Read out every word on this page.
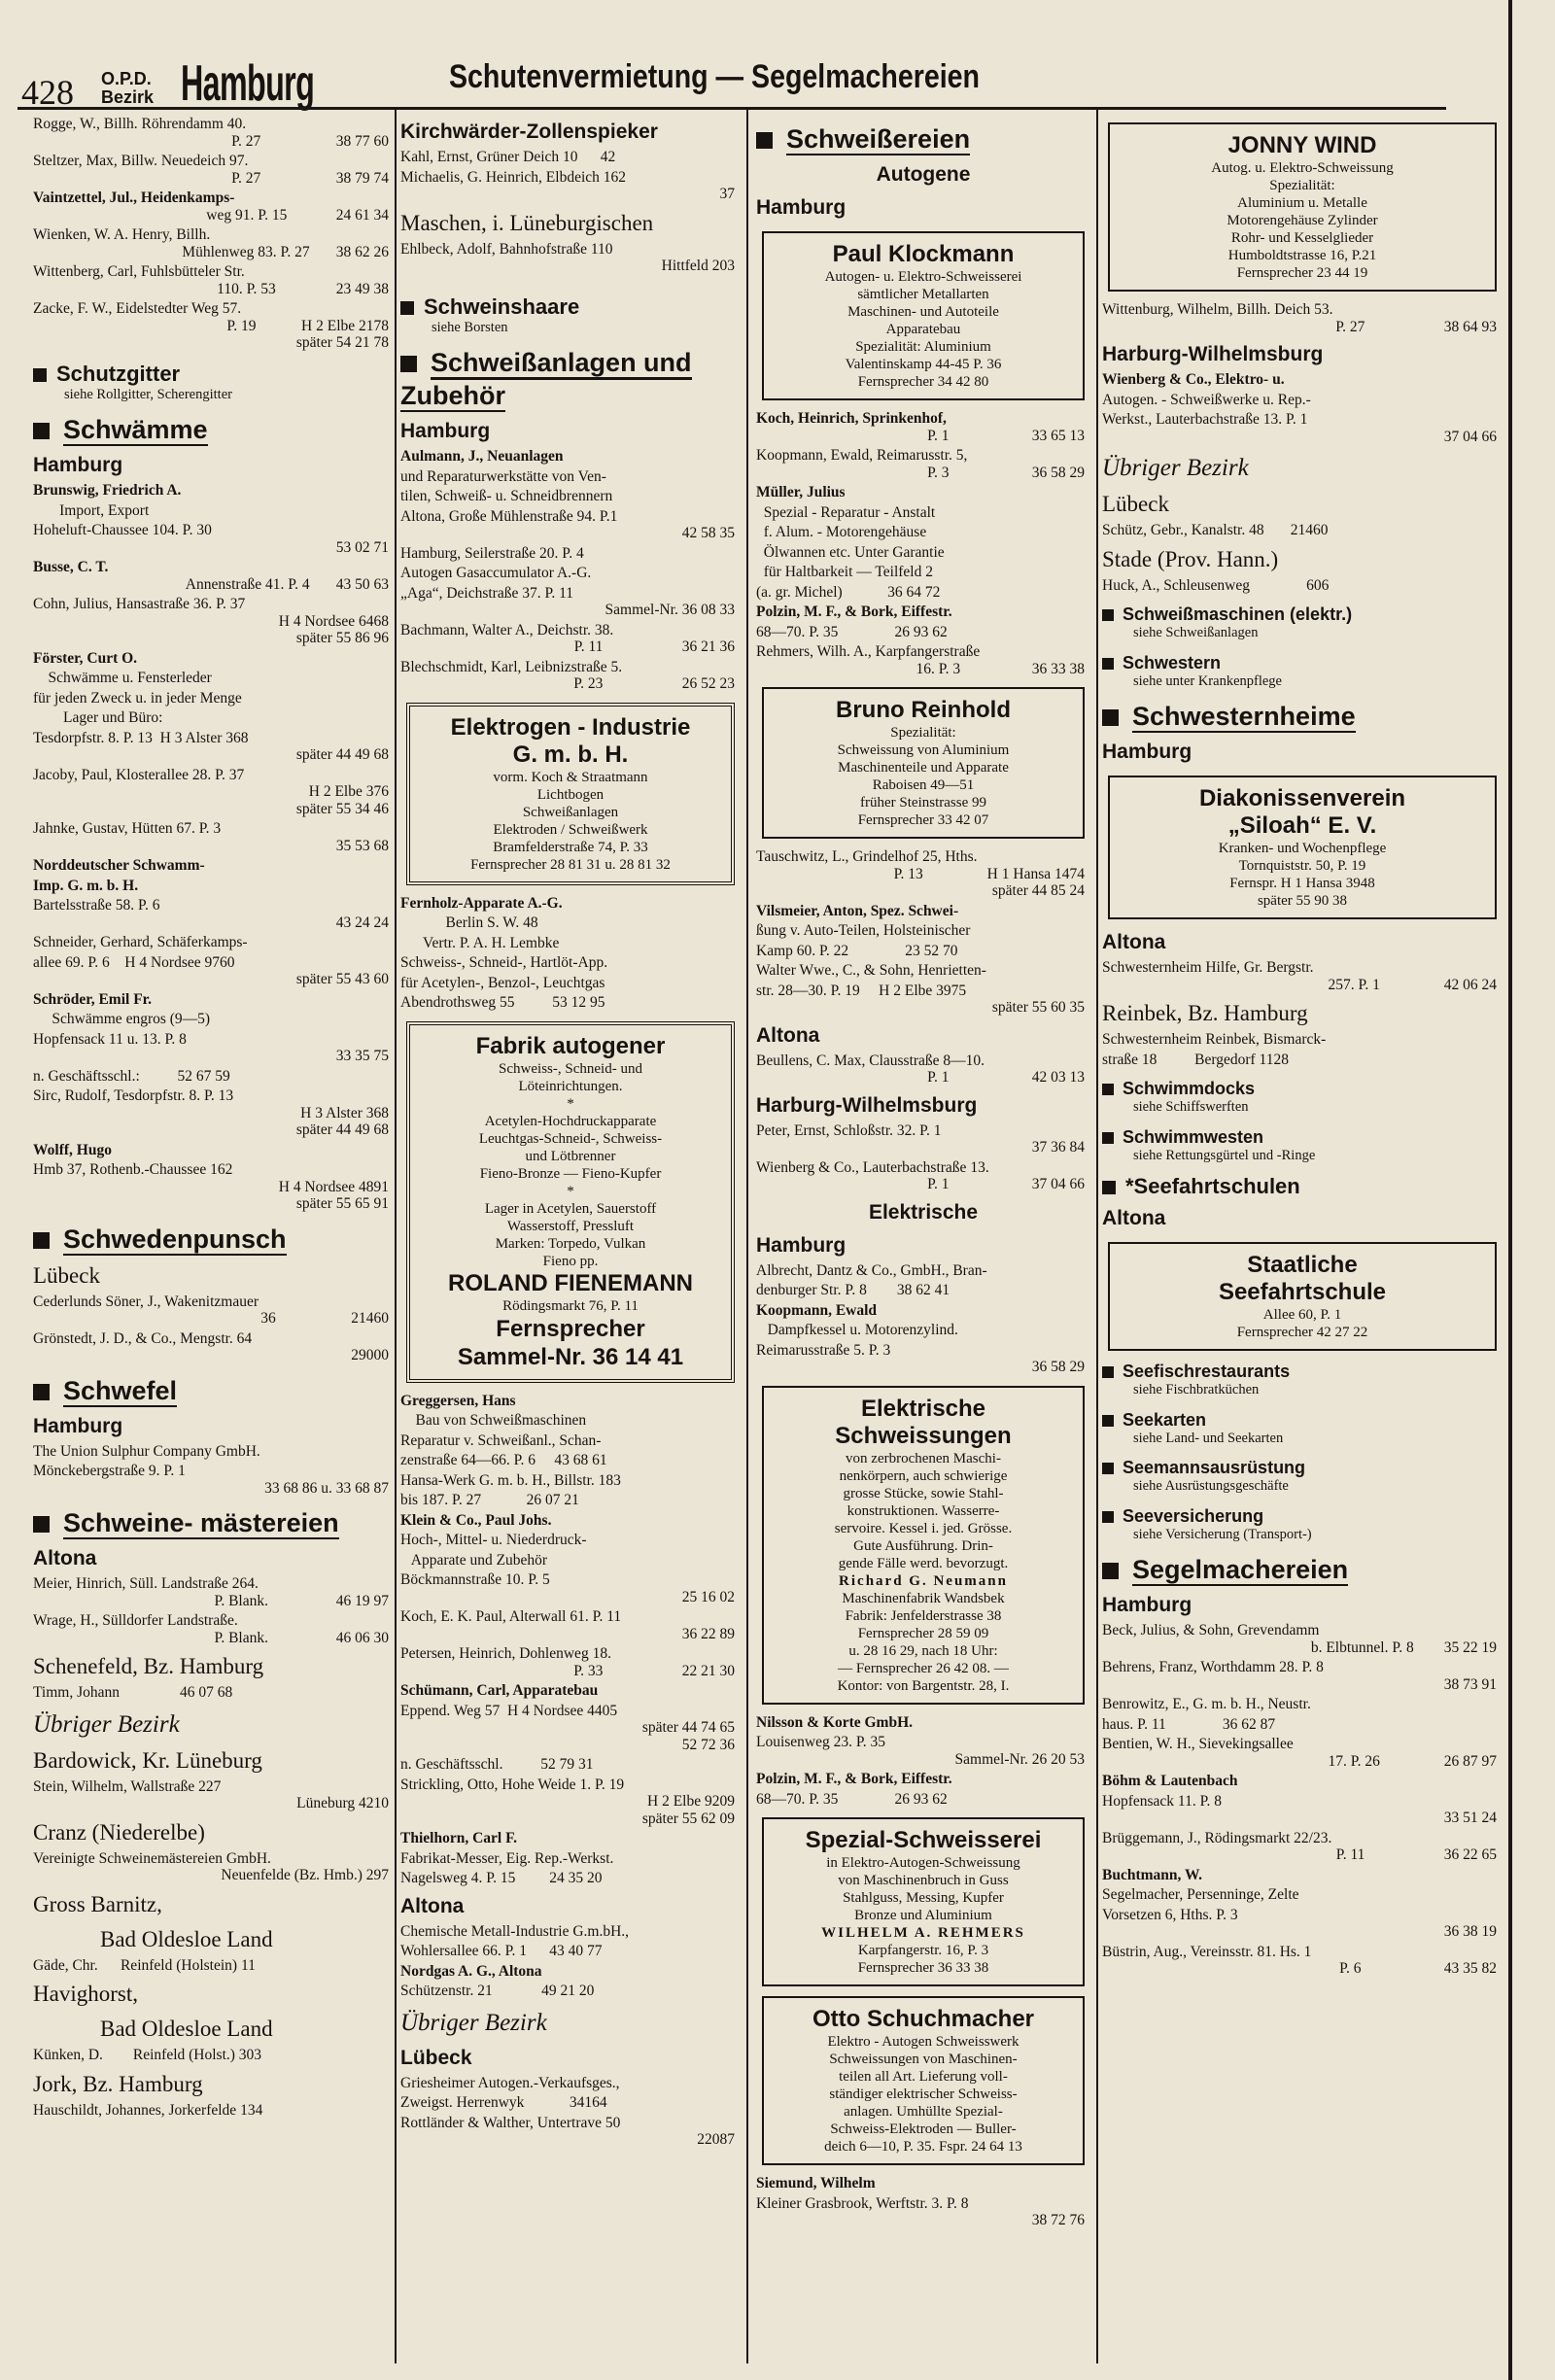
428 O.P.D.
Bezirk Hamburg	Schutenvermietung — Segelmachereien
Rogge, W., Billh. Röhrendamm 40.
P. 27                    38 77 60
Steltzer, Max, Billw. Neuedeich 97.
P. 27                    38 79 74
Vaintzettel, Jul., Heidenkamps-
weg 91. P. 15             24 61 34
Wienken, W. A. Henry, Billh.
Mühlenweg 83. P. 27       38 62 26
Wittenberg, Carl, Fuhlsbütteler Str.
110. P. 53                23 49 38
Zacke, F. W., Eidelstedter Weg 57.
P. 19            H 2 Elbe 2178
später 54 21 78
Schutzgitter
siehe Rollgitter, Scherengitter
Schwämme
Hamburg
Brunswig, Friedrich A.
Import, Export
Hoheluft-Chaussee 104. P. 30
53 02 71
Busse, C. T.
Annenstraße 41. P. 4       43 50 63
Cohn, Julius, Hansastraße 36. P. 37
H 4 Nordsee 6468
später 55 86 96
Förster, Curt O.
Schwämme u. Fensterleder
für jeden Zweck u. in jeder Menge
Lager und Büro:
Tesdorpfstr. 8. P. 13  H 3 Alster 368
später 44 49 68
Jacoby, Paul, Klosterallee 28. P. 37
H 2 Elbe 376
später 55 34 46
Jahnke, Gustav, Hütten 67. P. 3
35 53 68
Norddeutscher Schwamm-
Imp. G. m. b. H.
Bartelsstraße 58. P. 6
43 24 24
Schneider, Gerhard, Schäferkamps-
allee 69. P. 6    H 4 Nordsee 9760
später 55 43 60
Schröder, Emil Fr.
Schwämme engros (9—5)
Hopfensack 11 u. 13. P. 8
33 35 75
n. Geschäftsschl.:          52 67 59
Sirc, Rudolf, Tesdorpfstr. 8. P. 13
H 3 Alster 368
später 44 49 68
Wolff, Hugo
Hmb 37, Rothenb.-Chaussee 162
H 4 Nordsee 4891
später 55 65 91
Schwedenpunsch
Lübeck
Cederlunds Söner, J., Wakenitzmauer
36                    21460
Grönstedt, J. D., & Co., Mengstr. 64
29000
Schwefel
Hamburg
The Union Sulphur Company GmbH.
Mönckebergstraße 9. P. 1
33 68 86 u. 33 68 87
Schweine- mästereien
Altona
Meier, Hinrich, Süll. Landstraße 264.
P. Blank.                  46 19 97
Wrage, H., Sülldorfer Landstraße.
P. Blank.                  46 06 30
Schenefeld, Bz. Hamburg
Timm, Johann                46 07 68
Übriger Bezirk
Bardowick, Kr. Lüneburg
Stein, Wilhelm, Wallstraße 227
Lüneburg 4210
Cranz (Niederelbe)
Vereinigte Schweinemästereien GmbH.
Neuenfelde (Bz. Hmb.) 297
Gross Barnitz,
Bad Oldesloe Land
Gäde, Chr.      Reinfeld (Holstein) 11
Havighorst,
Bad Oldesloe Land
Künken, D.        Reinfeld (Holst.) 303
Jork, Bz. Hamburg
Hauschildt, Johannes, Jorkerfelde 134
Kirchwärder-Zollenspieker
Kahl, Ernst, Grüner Deich 10      42
Michaelis, G. Heinrich, Elbdeich 162
37
Maschen, i. Lüneburgischen
Ehlbeck, Adolf, Bahnhofstraße 110
Hittfeld 203
Schweinshaare
siehe Borsten
Schweißanlagen und Zubehör
Hamburg
Aulmann, J., Neuanlagen
und Reparaturwerkstätte von Ven-
tilen, Schweiß- u. Schneidbrennern
Altona, Große Mühlenstraße 94. P.1
42 58 35
Hamburg, Seilerstraße 20. P. 4
Autogen Gasaccumulator A.-G.
„Aga“, Deichstraße 37. P. 11
Sammel-Nr. 36 08 33
Bachmann, Walter A., Deichstr. 38.
P. 11                     36 21 36
Blechschmidt, Karl, Leibnizstraße 5.
P. 23                     26 52 23
Elektrogen - Industrie
G. m. b. H.
vorm. Koch & Straatmann
Lichtbogen
Schweißanlagen
Elektroden / Schweißwerk
Bramfelderstraße 74, P. 33
Fernsprecher 28 81 31 u. 28 81 32
Fernholz-Apparate A.-G.
Berlin S. W. 48
Vertr. P. A. H. Lembke
Schweiss-, Schneid-, Hartlöt-App.
für Acetylen-, Benzol-, Leuchtgas
Abendrothsweg 55          53 12 95
Fabrik autogener
Schweiss-, Schneid- und
Löteinrichtungen.
*
Acetylen-Hochdruckapparate
Leuchtgas-Schneid-, Schweiss-
und Lötbrenner
Fieno-Bronze — Fieno-Kupfer
*
Lager in Acetylen, Sauerstoff
Wasserstoff, Pressluft
Marken: Torpedo, Vulkan
Fieno pp.
ROLAND FIENEMANN
Rödingsmarkt 76, P. 11
Fernsprecher
Sammel-Nr. 36 14 41
Greggersen, Hans
Bau von Schweißmaschinen
Reparatur v. Schweißanl., Schan-
zenstraße 64—66. P. 6     43 68 61
Hansa-Werk G. m. b. H., Billstr. 183
bis 187. P. 27            26 07 21
Klein & Co., Paul Johs.
Hoch-, Mittel- u. Niederdruck-
Apparate und Zubehör
Böckmannstraße 10. P. 5
25 16 02
Koch, E. K. Paul, Alterwall 61. P. 11
36 22 89
Petersen, Heinrich, Dohlenweg 18.
P. 33                     22 21 30
Schümann, Carl, Apparatebau
Eppend. Weg 57  H 4 Nordsee 4405
später 44 74 65
52 72 36
n. Geschäftsschl.          52 79 31
Strickling, Otto, Hohe Weide 1. P. 19
H 2 Elbe 9209
später 55 62 09
Thielhorn, Carl F.
Fabrikat-Messer, Eig. Rep.-Werkst.
Nagelsweg 4. P. 15         24 35 20
Altona
Chemische Metall-Industrie G.m.bH.,
Wohlersallee 66. P. 1      43 40 77
Nordgas A. G., Altona
Schützenstr. 21             49 21 20
Übriger Bezirk
Lübeck
Griesheimer Autogen.-Verkaufsges.,
Zweigst. Herrenwyk            34164
Rottländer & Walther, Untertrave 50
22087
Schweißereien
Autogene
Hamburg
Paul Klockmann
Autogen- u. Elektro-Schweisserei
sämtlicher Metallarten
Maschinen- und Autoteile
Apparatebau
Spezialität: Aluminium
Valentinskamp 44-45 P. 36
Fernsprecher 34 42 80
Koch, Heinrich, Sprinkenhof,
P. 1                      33 65 13
Koopmann, Ewald, Reimarusstr. 5,
P. 3                      36 58 29
Müller, Julius
Spezial - Reparatur - Anstalt
f. Alum. - Motorengehäuse
Ölwannen etc. Unter Garantie
für Haltbarkeit — Teilfeld 2
(a. gr. Michel)            36 64 72
Polzin, M. F., & Bork, Eiffestr.
68—70. P. 35               26 93 62
Rehmers, Wilh. A., Karpfangerstraße
16. P. 3                   36 33 38
Bruno Reinhold
Spezialität:
Schweissung von Aluminium
Maschinenteile und Apparate
Raboisen 49—51
früher Steinstrasse 99
Fernsprecher 33 42 07
Tauschwitz, L., Grindelhof 25, Hths.
P. 13                 H 1 Hansa 1474
später 44 85 24
Vilsmeier, Anton, Spez. Schwei-
ßung v. Auto-Teilen, Holsteinischer
Kamp 60. P. 22               23 52 70
Walter Wwe., C., & Sohn, Henrietten-
str. 28—30. P. 19     H 2 Elbe 3975
später 55 60 35
Altona
Beullens, C. Max, Clausstraße 8—10.
P. 1                      42 03 13
Harburg-Wilhelmsburg
Peter, Ernst, Schloßstr. 32. P. 1
37 36 84
Wienberg & Co., Lauterbachstraße 13.
P. 1                      37 04 66
Elektrische
Hamburg
Albrecht, Dantz & Co., GmbH., Bran-
denburger Str. P. 8        38 62 41
Koopmann, Ewald
Dampfkessel u. Motorenzylind.
Reimarusstraße 5. P. 3
36 58 29
Elektrische Schweissungen
von zerbrochenen Maschi-
nenkörpern, auch schwierige
grosse Stücke, sowie Stahl-
konstruktionen. Wasserre-
servoire. Kessel i. jed. Grösse.
Gute Ausführung. Drin-
gende Fälle werd. bevorzugt.
Richard G. Neumann
Maschinenfabrik Wandsbek
Fabrik: Jenfelderstrasse 38
Fernsprecher 28 59 09
u. 28 16 29, nach 18 Uhr:
— Fernsprecher 26 42 08. —
Kontor: von Bargentstr. 28, I.
Nilsson & Korte GmbH.
Louisenweg 23. P. 35
Sammel-Nr. 26 20 53
Polzin, M. F., & Bork, Eiffestr.
68—70. P. 35               26 93 62
Spezial-Schweisserei
in Elektro-Autogen-Schweissung
von Maschinenbruch in Guss
Stahlguss, Messing, Kupfer
Bronze und Aluminium
WILHELM A. REHMERS
Karpfangerstr. 16, P. 3
Fernsprecher 36 33 38
Otto Schuchmacher
Elektro - Autogen Schweisswerk
Schweissungen von Maschinen-
teilen all Art. Lieferung voll-
ständiger elektrischer Schweiss-
anlagen. Umhüllte Spezial-
Schweiss-Elektroden — Buller-
deich 6—10, P. 35. Fspr. 24 64 13
Siemund, Wilhelm
Kleiner Grasbrook, Werftstr. 3. P. 8
38 72 76
JONNY WIND
Autog. u. Elektro-Schweissung
Spezialität:
Aluminium u. Metalle
Motorengehäuse Zylinder
Rohr- und Kesselglieder
Humboldtstrasse 16, P.21
Fernsprecher 23 44 19
Wittenburg, Wilhelm, Billh. Deich 53.
P. 27                     38 64 93
Harburg-Wilhelmsburg
Wienberg & Co., Elektro- u.
Autogen. - Schweißwerke u. Rep.-
Werkst., Lauterbachstraße 13. P. 1
37 04 66
Übriger Bezirk
Lübeck
Schütz, Gebr., Kanalstr. 48       21460
Stade (Prov. Hann.)
Huck, A., Schleusenweg               606
Schweißmaschinen (elektr.)
siehe Schweißanlagen
Schwestern
siehe unter Krankenpflege
Schwesternheime
Hamburg
Diakonissenverein
„Siloah“ E. V.
Kranken- und Wochenpflege
Tornquiststr. 50, P. 19
Fernspr. H 1 Hansa 3948
später 55 90 38
Altona
Schwesternheim Hilfe, Gr. Bergstr.
257. P. 1                 42 06 24
Reinbek, Bz. Hamburg
Schwesternheim Reinbek, Bismarck-
straße 18          Bergedorf 1128
Schwimmdocks
siehe Schiffswerften
Schwimmwesten
siehe Rettungsgürtel und -Ringe
*Seefahrtschulen
Altona
Staatliche
Seefahrtschule
Allee 60, P. 1
Fernsprecher 42 27 22
Seefischrestaurants
siehe Fischbratküchen
Seekarten
siehe Land- und Seekarten
Seemannsausrüstung
siehe Ausrüstungsgeschäfte
Seeversicherung
siehe Versicherung (Transport-)
Segelmachereien
Hamburg
Beck, Julius, & Sohn, Grevendamm
b. Elbtunnel. P. 8        35 22 19
Behrens, Franz, Worthdamm 28. P. 8
38 73 91
Benrowitz, E., G. m. b. H., Neustr.
haus. P. 11               36 62 87
Bentien, W. H., Sievekingsallee
17. P. 26                 26 87 97
Böhm & Lautenbach
Hopfensack 11. P. 8
33 51 24
Brüggemann, J., Rödingsmarkt 22/23.
P. 11                     36 22 65
Buchtmann, W.
Segelmacher, Persenninge, Zelte
Vorsetzen 6, Hths. P. 3
36 38 19
Büstrin, Aug., Vereinsstr. 81. Hs. 1
P. 6                      43 35 82
